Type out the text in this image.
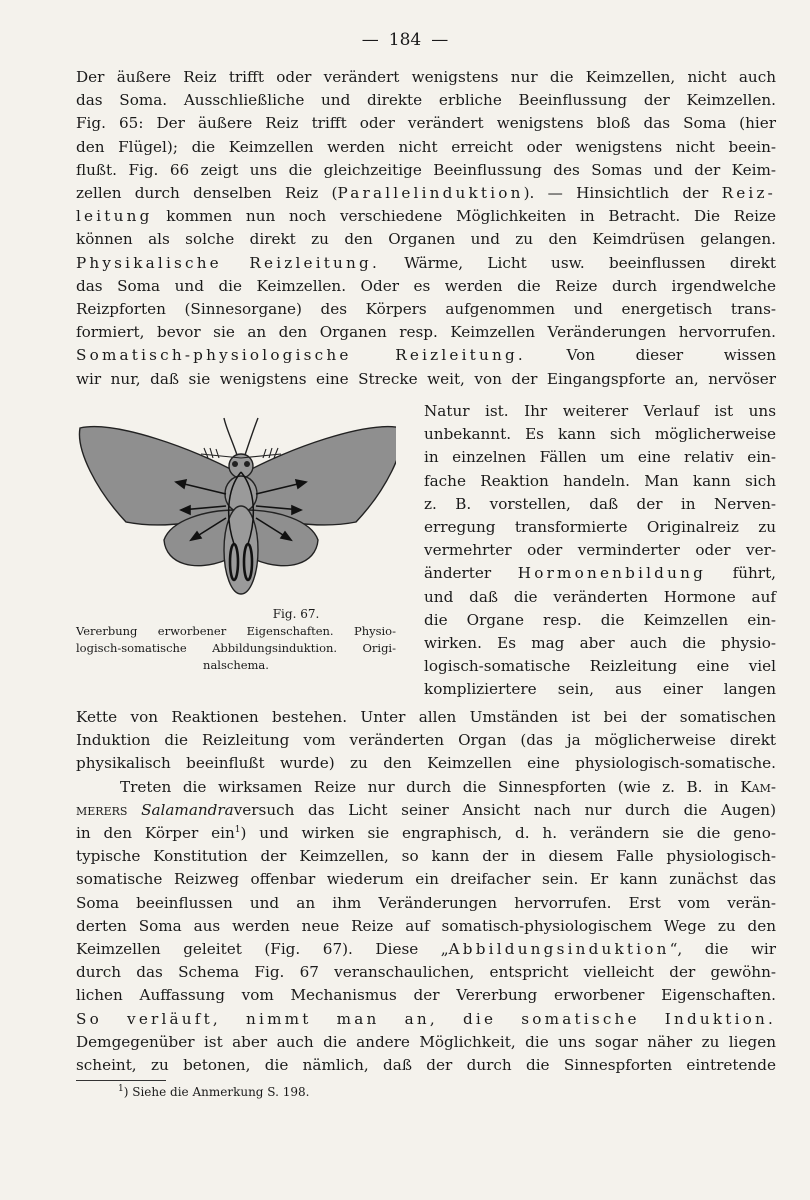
— 184 —
Der äußere Reiz trifft oder verändert wenigstens nur die Keimzellen, nicht auch
das Soma. Ausschließliche und direkte erbliche Beeinflussung der Keimzellen.
Fig. 65: Der äußere Reiz trifft oder verändert wenigstens bloß das Soma (hier
den Flügel); die Keimzellen werden nicht erreicht oder wenigstens nicht beein-
flußt. Fig. 66 zeigt uns die gleichzeitige Beeinflussung des Somas und der Keim-
zellen durch denselben Reiz (Parallelinduktion). — Hinsichtlich der Reiz-
leitung kommen nun noch verschiedene Möglichkeiten in Betracht. Die Reize
können als solche direkt zu den Organen und zu den Keimdrüsen gelangen.
Physikalische Reizleitung. Wärme, Licht usw. beeinflussen direkt
das Soma und die Keimzellen. Oder es werden die Reize durch irgendwelche
Reizpforten (Sinnesorgane) des Körpers aufgenommen und energetisch trans-
formiert, bevor sie an den Organen resp. Keimzellen Veränderungen hervorrufen.
Somatisch-physiologische Reizleitung. Von dieser wissen
wir nur, daß sie wenigstens eine Strecke weit, von der Eingangspforte an, nervöser
Fig. 67.
Vererbung erworbener Eigenschaften. Physio-
logisch-somatische Abbildungsinduktion. Origi-
nalschema.
Natur ist. Ihr weiterer Verlauf ist uns
unbekannt. Es kann sich möglicherweise
in einzelnen Fällen um eine relativ ein-
fache Reaktion handeln. Man kann sich
z. B. vorstellen, daß der in Nerven-
erregung transformierte Originalreiz zu
vermehrter oder verminderter oder ver-
änderter Hormonenbildung führt,
und daß die veränderten Hormone auf
die Organe resp. die Keimzellen ein-
wirken. Es mag aber auch die physio-
logisch-somatische Reizleitung eine viel
kompliziertere sein, aus einer langen
Kette von Reaktionen bestehen. Unter allen Umständen ist bei der somatischen
Induktion die Reizleitung vom veränderten Organ (das ja möglicherweise direkt
physikalisch beeinflußt wurde) zu den Keimzellen eine physiologisch-somatische.
Treten die wirksamen Reize nur durch die Sinnespforten (wie z. B. in Kam-
merers Salamandraversuch das Licht seiner Ansicht nach nur durch die Augen)
in den Körper ein$^1$) und wirken sie engraphisch, d. h. verändern sie die geno-
typische Konstitution der Keimzellen, so kann der in diesem Falle physiologisch-
somatische Reizweg offenbar wiederum ein dreifacher sein. Er kann zunächst das
Soma beeinflussen und an ihm Veränderungen hervorrufen. Erst vom verän-
derten Soma aus werden neue Reize auf somatisch-physiologischem Wege zu den
Keimzellen geleitet (Fig. 67). Diese „Abbildungsinduktion“, die wir
durch das Schema Fig. 67 veranschaulichen, entspricht vielleicht der gewöhn-
lichen Auffassung vom Mechanismus der Vererbung erworbener Eigenschaften.
So verläuft, nimmt man an, die somatische Induktion.
Demgegenüber ist aber auch die andere Möglichkeit, die uns sogar näher zu liegen
scheint, zu betonen, die nämlich, daß der durch die Sinnespforten eintretende
$^1$) Siehe die Anmerkung S. 198.
